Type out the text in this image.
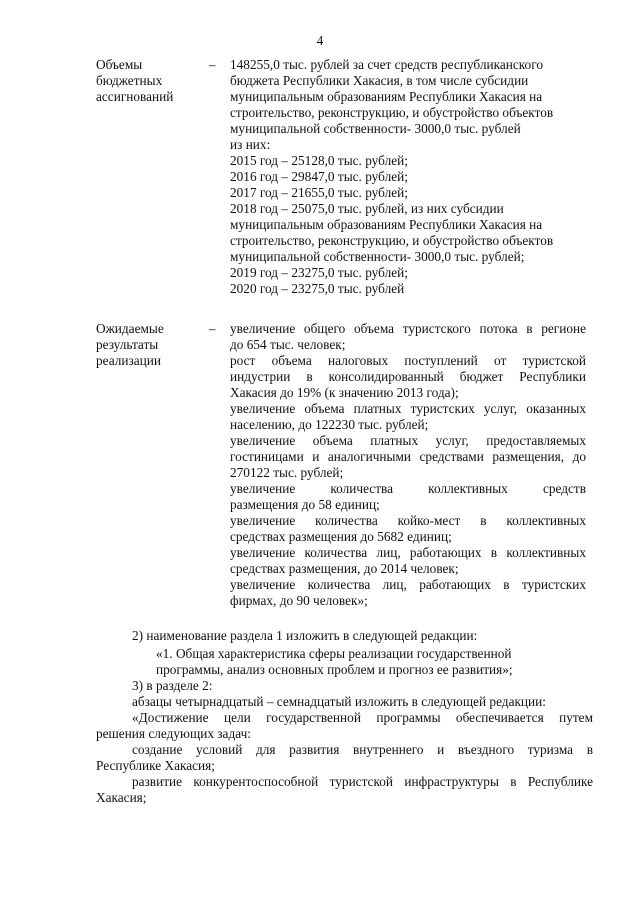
4
Объемы
бюджетных
ассигнований
– 148255,0 тыс. рублей за счет средств республиканского
бюджета Республики Хакасия, в том числе субсидии
муниципальным образованиям Республики Хакасия на
строительство, реконструкцию, и обустройство объектов
муниципальной собственности- 3000,0 тыс. рублей
из них:
2015 год – 25128,0 тыс. рублей;
2016 год – 29847,0 тыс. рублей;
2017 год – 21655,0 тыс. рублей;
2018 год – 25075,0 тыс. рублей, из них субсидии
муниципальным образованиям Республики Хакасия на
строительство, реконструкцию, и обустройство объектов
муниципальной собственности- 3000,0 тыс. рублей;
2019 год – 23275,0 тыс. рублей;
2020 год – 23275,0 тыс. рублей
Ожидаемые
результаты
реализации
– увеличение общего объема туристского потока в регионе
до 654 тыс. человек;
рост объема налоговых поступлений от туристской
индустрии в консолидированный бюджет Республики
Хакасия до 19% (к значению 2013 года);
увеличение объема платных туристских услуг, оказанных
населению, до 122230 тыс. рублей;
увеличение объема платных услуг, предоставляемых
гостиницами и аналогичными средствами размещения, до
270122 тыс. рублей;
увеличение количества коллективных средств
размещения до 58 единиц;
увеличение количества койко-мест в коллективных
средствах размещения до 5682 единиц;
увеличение количества лиц, работающих в коллективных
средствах размещения, до 2014 человек;
увеличение количества лиц, работающих в туристских
фирмах, до 90 человек»;
2) наименование раздела 1 изложить в следующей редакции:
«1. Общая характеристика сферы реализации государственной
программы, анализ основных проблем и прогноз ее развития»;
3) в разделе 2:
абзацы четырнадцатый – семнадцатый изложить в следующей редакции:
«Достижение цели государственной программы обеспечивается путем
решения следующих задач:
создание условий для развития внутреннего и въездного туризма в
Республике Хакасия;
развитие конкурентоспособной туристской инфраструктуры в Республике
Хакасия;
